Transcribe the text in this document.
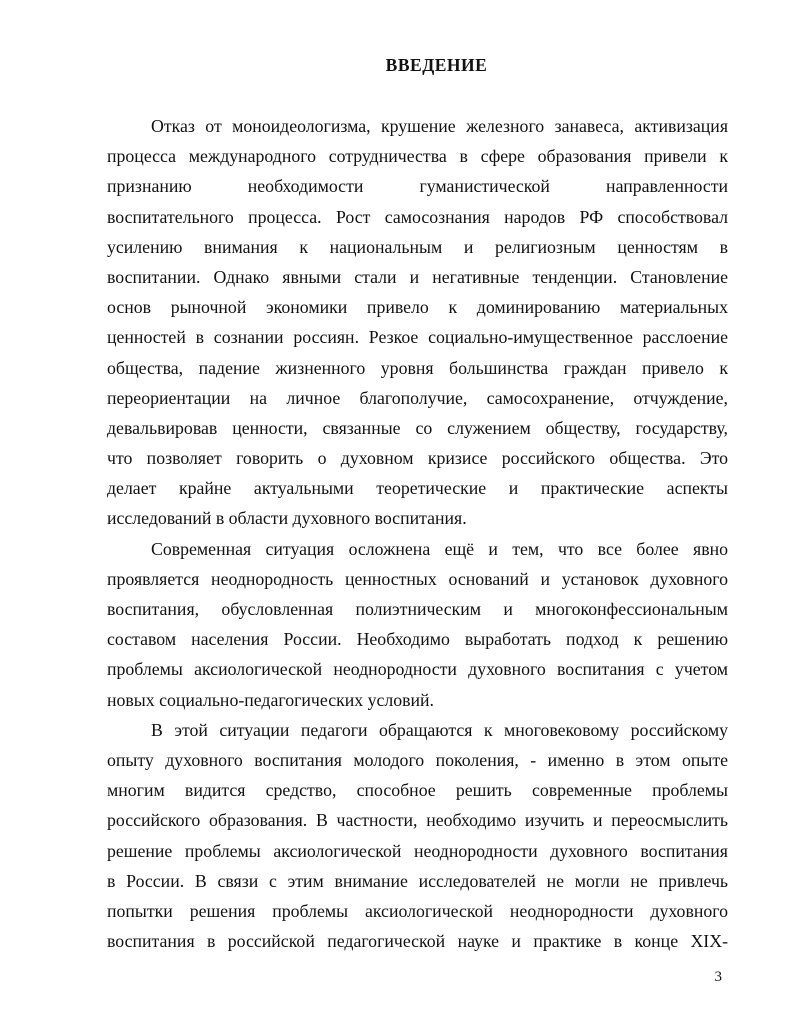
ВВЕДЕНИЕ

Отказ от моноидеологизма, крушение железного занавеса, активизация
процесса международного сотрудничества в сфере образования привели к
признанию необходимости гуманистической направленности
воспитательного процесса. Рост самосознания народов РФ способствовал
усилению внимания к национальным и религиозным ценностям в
воспитании. Однако явными стали и негативные тенденции. Становление
основ рыночной экономики привело к доминированию материальных
ценностей в сознании россиян. Резкое социально-имущественное расслоение
общества, падение жизненного уровня большинства граждан привело к
переориентации на личное благополучие, самосохранение, отчуждение,
девальвировав ценности, связанные со служением обществу, государству,
что позволяет говорить о духовном кризисе российского общества. Это
делает крайне актуальными теоретические и практические аспекты
исследований в области духовного воспитания.

Современная ситуация осложнена ещё и тем, что все более явно
проявляется неоднородность ценностных оснований и установок духовного
воспитания, обусловленная полиэтническим и многоконфессиональным
составом населения России. Необходимо выработать подход к решению
проблемы аксиологической неоднородности духовного воспитания с учетом
новых социально-педагогических условий.

В этой ситуации педагоги обращаются к многовековому российскому
опыту духовного воспитания молодого поколения, - именно в этом опыте
многим видится средство, способное решить современные проблемы
российского образования. В частности, необходимо изучить и переосмыслить
решение проблемы аксиологической неоднородности духовного воспитания
в России. В связи с этим внимание исследователей не могли не привлечь
попытки решения проблемы аксиологической неоднородности духовного
воспитания в российской педагогической науке и практике в конце XIX-

3
